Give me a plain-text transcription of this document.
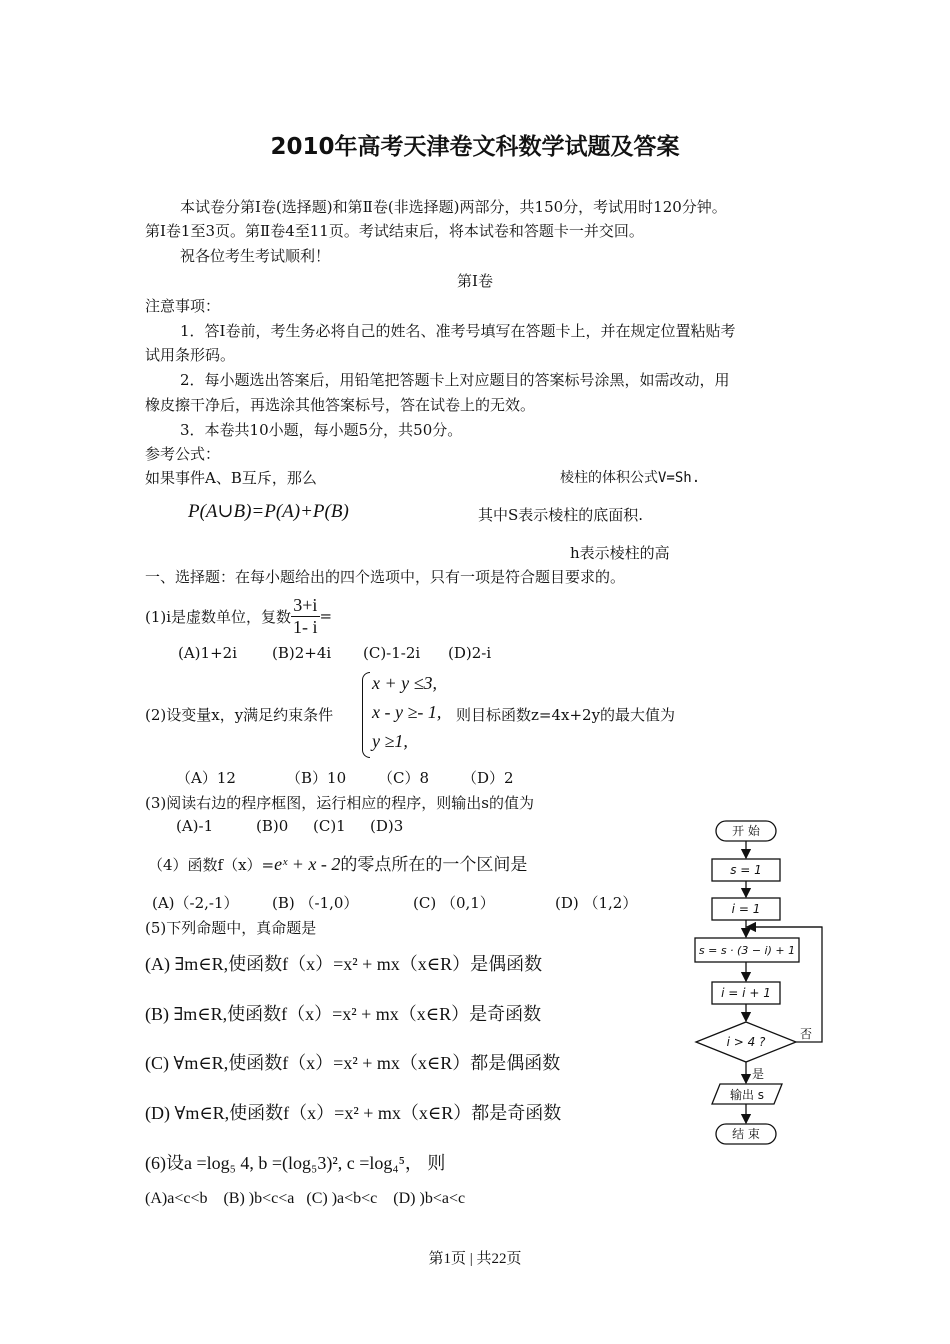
2010年高考天津卷文科数学试题及答案
本试卷分第Ⅰ卷(选择题)和第Ⅱ卷(非选择题)两部分，共150分，考试用时120分钟。
第Ⅰ卷1至3页。第Ⅱ卷4至11页。考试结束后，将本试卷和答题卡一并交回。
祝各位考生考试顺利！
第Ⅰ卷
注意事项：
1．答Ⅰ卷前，考生务必将自己的姓名、准考号填写在答题卡上，并在规定位置粘贴考
试用条形码。
2．每小题选出答案后，用铅笔把答题卡上对应题目的答案标号涂黑，如需改动，用
橡皮擦干净后，再选涂其他答案标号，答在试卷上的无效。
3．本卷共10小题，每小题5分，共50分。
参考公式：
如果事件A、B互斥，那么	棱柱的体积公式V=Sh.
P(A∪B)=P(A)+P(B)	其中S表示棱柱的底面积.
h表示棱柱的高
一、选择题：在每小题给出的四个选项中，只有一项是符合题目要求的。
(1)i是虚数单位，复数 $\frac{3+i}{1- i}$ =
(A)1+2i (B)2+4i (C)-1-2i (D)2-i
(2)设变量x，y满足约束条件
x + y ≤3,
x - y ≥- 1,
y ≥1,
则目标函数z=4x+2y的最大值为
（A）12	（B）10 （C）8 （D）2
(3)阅读右边的程序框图，运行相应的程序，则输出s的值为
(A)-1	(B)0 (C)1 (D)3
（4）函数f（x）= eˣ + x - 2 的零点所在的一个区间是
(A)（-2,-1） (B) （-1,0）	(C) （0,1）	(D) （1,2）
(5)下列命题中，真命题是
(A) ∃m∈R,使函数f（x）=x² + mx（x∈R）是偶函数
(B) ∃m∈R,使函数f（x）=x² + mx（x∈R）是奇函数
(C) ∀m∈R,使函数f（x）=x² + mx（x∈R）都是偶函数
(D) ∀m∈R,使函数f（x）=x² + mx（x∈R）都是奇函数
(6)设a =log₅ 4, b =(log₅3)², c =log₄⁵， 则
(A)a<c<b    (B) )b<c<a   (C) )a<b<c    (D) )b<a<c
开 始
s = 1
i = 1
s = s · (3 − i) + 1
i = i + 1
i > 4 ?
否
是
输出 s
结 束
第1页 | 共22页
